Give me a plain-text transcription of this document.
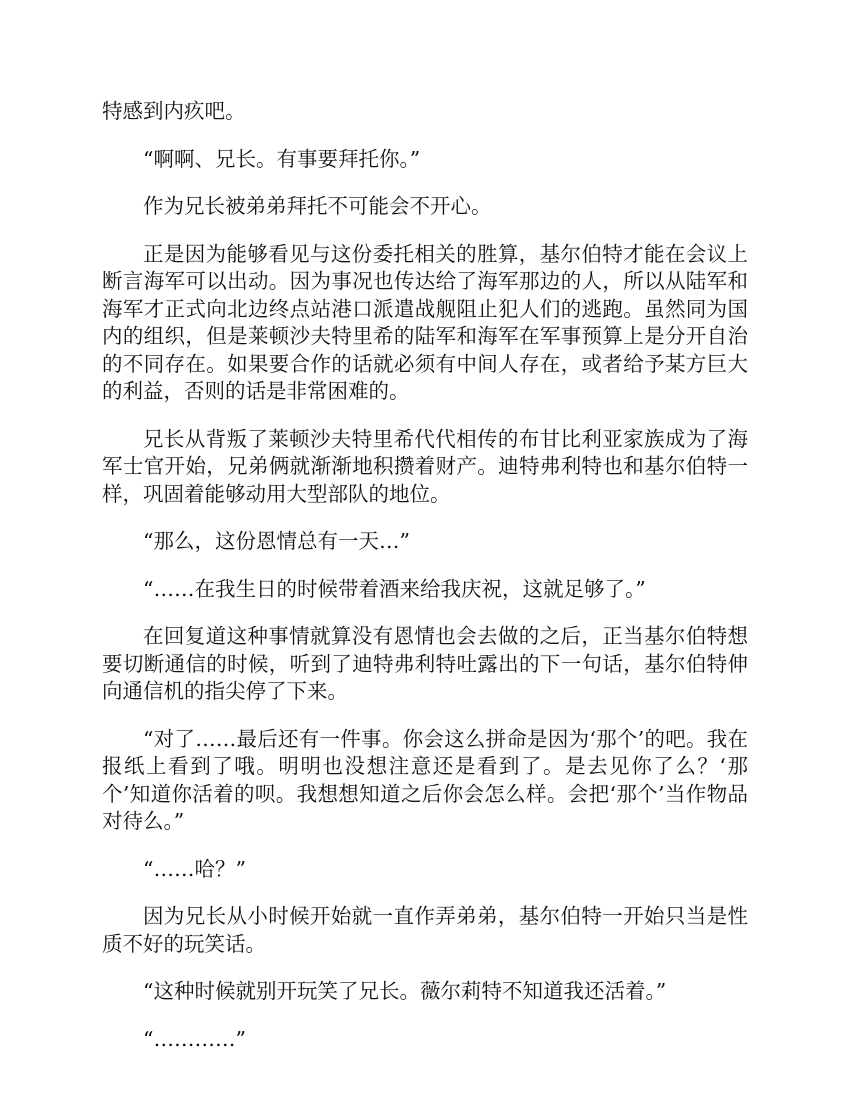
特感到内疚吧。

“啊啊、兄长。有事要拜托你。”

作为兄长被弟弟拜托不可能会不开心。

正是因为能够看见与这份委托相关的胜算，基尔伯特才能在会议上断言海军可以出动。因为事况也传达给了海军那边的人，所以从陆军和海军才正式向北边终点站港口派遣战舰阻止犯人们的逃跑。虽然同为国内的组织，但是莱顿沙夫特里希的陆军和海军在军事预算上是分开自治的不同存在。如果要合作的话就必须有中间人存在，或者给予某方巨大的利益，否则的话是非常困难的。

兄长从背叛了莱顿沙夫特里希代代相传的布甘比利亚家族成为了海军士官开始，兄弟俩就渐渐地积攒着财产。迪特弗利特也和基尔伯特一样，巩固着能够动用大型部队的地位。

“那么，这份恩情总有一天…”

“……在我生日的时候带着酒来给我庆祝，这就足够了。”

在回复道这种事情就算没有恩情也会去做的之后，正当基尔伯特想要切断通信的时候，听到了迪特弗利特吐露出的下一句话，基尔伯特伸向通信机的指尖停了下来。

“对了……最后还有一件事。你会这么拼命是因为‘那个’的吧。我在报纸上看到了哦。明明也没想注意还是看到了。是去见你了么？‘那个’知道你活着的呗。我想想知道之后你会怎么样。会把‘那个’当作物品对待么。”

“……哈？”

因为兄长从小时候开始就一直作弄弟弟，基尔伯特一开始只当是性质不好的玩笑话。

“这种时候就别开玩笑了兄长。薇尔莉特不知道我还活着。”

“…………”
